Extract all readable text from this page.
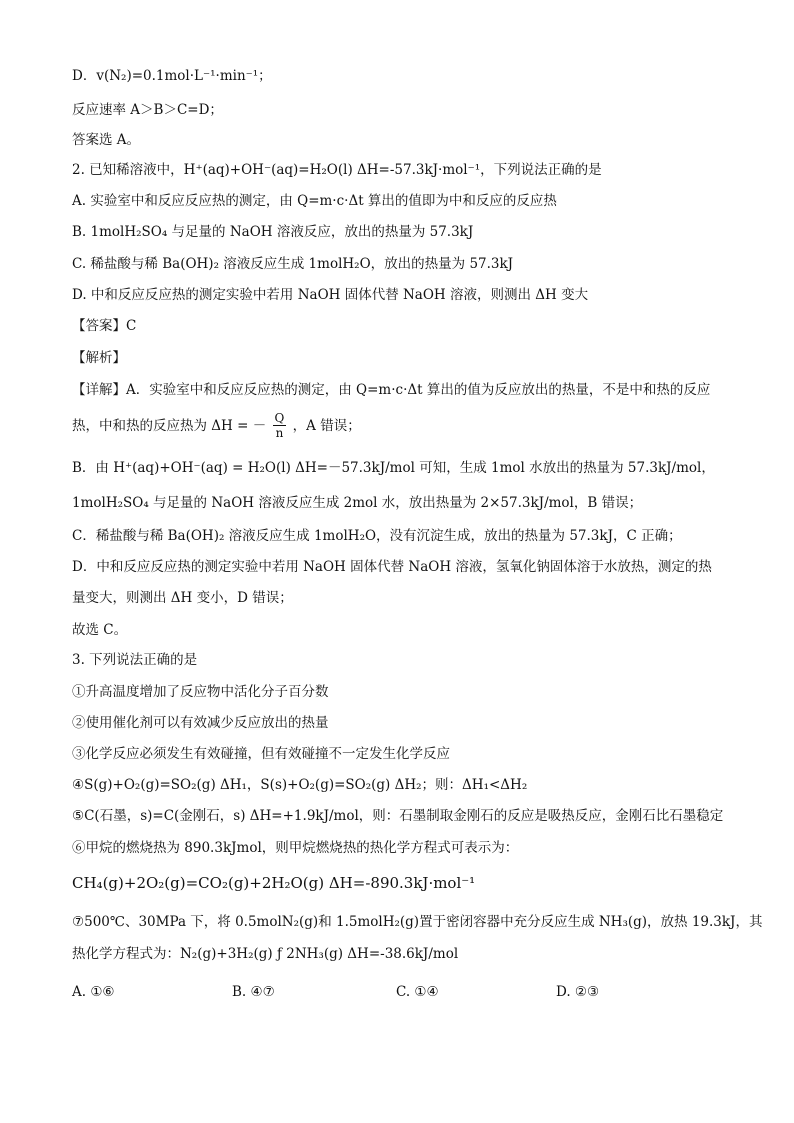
D．v(N₂)=0.1mol·L⁻¹·min⁻¹；
反应速率 A＞B＞C=D；
答案选 A。
2. 已知稀溶液中，H⁺(aq)+OH⁻(aq)=H₂O(l) ΔH=-57.3kJ·mol⁻¹，下列说法正确的是
A. 实验室中和反应反应热的测定，由 Q=m·c·Δt 算出的值即为中和反应的反应热
B. 1molH₂SO₄ 与足量的 NaOH 溶液反应，放出的热量为 57.3kJ
C. 稀盐酸与稀 Ba(OH)₂ 溶液反应生成 1molH₂O，放出的热量为 57.3kJ
D. 中和反应反应热的测定实验中若用 NaOH 固体代替 NaOH 溶液，则测出 ΔH 变大
【答案】C
【解析】
【详解】A．实验室中和反应反应热的测定，由 Q=m·c·Δt 算出的值为反应放出的热量，不是中和热的反应
热，中和热的反应热为 ΔH = － $\frac{Q}{n}$ ，A 错误；
B．由 H⁺(aq)+OH⁻(aq) = H₂O(l) ΔH=－57.3kJ/mol 可知，生成 1mol 水放出的热量为 57.3kJ/mol，
1molH₂SO₄ 与足量的 NaOH 溶液反应生成 2mol 水，放出热量为 2×57.3kJ/mol，B 错误；
C．稀盐酸与稀 Ba(OH)₂ 溶液反应生成 1molH₂O，没有沉淀生成，放出的热量为 57.3kJ，C 正确；
D．中和反应反应热的测定实验中若用 NaOH 固体代替 NaOH 溶液，氢氧化钠固体溶于水放热，测定的热
量变大，则测出 ΔH 变小，D 错误；
故选 C。
3. 下列说法正确的是
①升高温度增加了反应物中活化分子百分数
②使用催化剂可以有效减少反应放出的热量
③化学反应必须发生有效碰撞，但有效碰撞不一定发生化学反应
④S(g)+O₂(g)=SO₂(g) ΔH₁，S(s)+O₂(g)=SO₂(g) ΔH₂；则：ΔH₁<ΔH₂
⑤C(石墨，s)=C(金刚石，s) ΔH=+1.9kJ/mol，则：石墨制取金刚石的反应是吸热反应，金刚石比石墨稳定
⑥甲烷的燃烧热为 890.3kJmol，则甲烷燃烧热的热化学方程式可表示为：
CH₄(g)+2O₂(g)=CO₂(g)+2H₂O(g) ΔH=-890.3kJ·mol⁻¹
⑦500℃、30MPa 下，将 0.5molN₂(g)和 1.5molH₂(g)置于密闭容器中充分反应生成 NH₃(g)，放热 19.3kJ，其
热化学方程式为：N₂(g)+3H₂(g) ƒ 2NH₃(g) ΔH=-38.6kJ/mol
A. ①⑥	B. ④⑦	C. ①④	D. ②③
